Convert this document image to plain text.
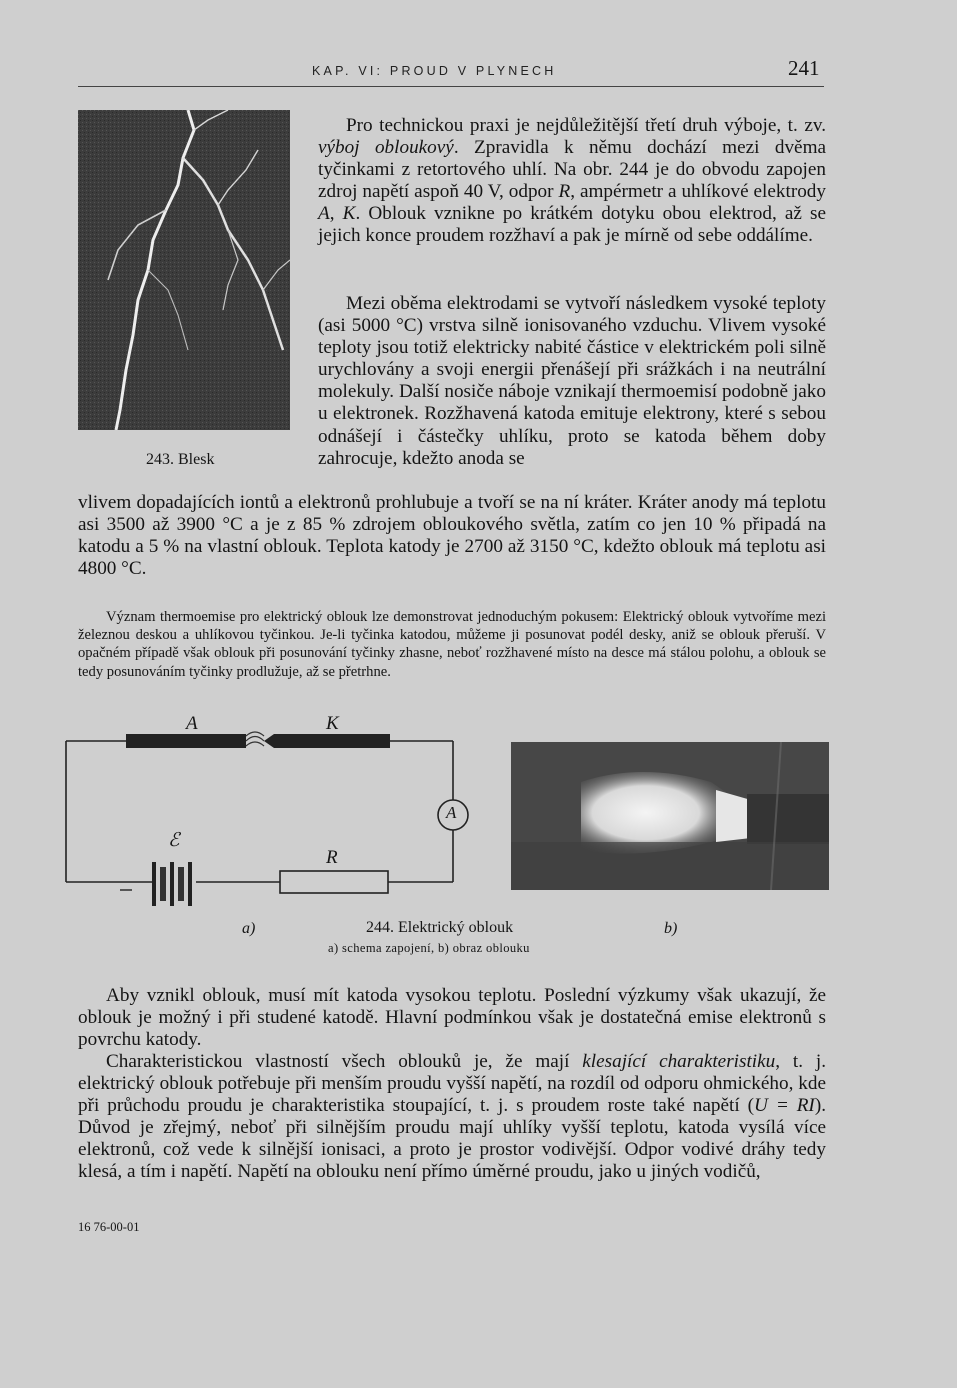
KAP. VI: PROUD V PLYNECH	241
243. Blesk

Pro technickou praxi je nejdůležitější třetí druh výboje, t. zv. výboj obloukový. Zpravidla k němu dochází mezi dvěma tyčinkami z retortového uhlí. Na obr. 244 je do obvodu zapojen zdroj napětí aspoň 40 V, odpor R, ampérmetr a uhlíkové elektrody A, K. Oblouk vznikne po krátkém dotyku obou elektrod, až se jejich konce proudem rozžhaví a pak je mírně od sebe oddálíme.

Mezi oběma elektrodami se vytvoří následkem vysoké teploty (asi 5000 °C) vrstva silně ionisovaného vzduchu. Vlivem vysoké teploty jsou totiž elektricky nabité částice v elektrickém poli silně urychlovány a svoji energii přenášejí při srážkách i na neutrální molekuly. Další nosiče náboje vznikají thermoemisí podobně jako u elektronek. Rozžhavená katoda emituje elektrony, které s sebou odnášejí i částečky uhlíku, proto se katoda během doby zahrocuje, kdežto anoda se

vlivem dopadajících iontů a elektronů prohlubuje a tvoří se na ní kráter. Kráter anody má teplotu asi 3500 až 3900 °C a je z 85 % zdrojem obloukového světla, zatím co jen 10 % připadá na katodu a 5 % na vlastní oblouk. Teplota katody je 2700 až 3150 °C, kdežto oblouk má teplotu asi 4800 °C.

Význam thermoemise pro elektrický oblouk lze demonstrovat jednoduchým pokusem: Elektrický oblouk vytvoříme mezi železnou deskou a uhlíkovou tyčinkou. Je-li tyčinka katodou, můžeme ji posunovat podél desky, aniž se oblouk přeruší. V opačném případě však oblouk při posunování tyčinky zhasne, neboť rozžhavené místo na desce má stálou polohu, a oblouk se tedy posunováním tyčinky prodlužuje, až se přetrhne.

A	K
A
ℰ
R
a)	244. Elektrický oblouk	b)
a) schema zapojení, b) obraz oblouku

Aby vznikl oblouk, musí mít katoda vysokou teplotu. Poslední výzkumy však ukazují, že oblouk je možný i při studené katodě. Hlavní podmínkou však je dostatečná emise elektronů s povrchu katody.

Charakteristickou vlastností všech oblouků je, že mají klesající charakteristiku, t. j. elektrický oblouk potřebuje při menším proudu vyšší napětí, na rozdíl od odporu ohmického, kde při průchodu proudu je charakteristika stoupající, t. j. s proudem roste také napětí (U = RI). Důvod je zřejmý, neboť při silnějším proudu mají uhlíky vyšší teplotu, katoda vysílá více elektronů, což vede k silnější ionisaci, a proto je prostor vodivější. Odpor vodivé dráhy tedy klesá, a tím i napětí. Napětí na oblouku není přímo úměrné proudu, jako u jiných vodičů,

16 76-00-01
